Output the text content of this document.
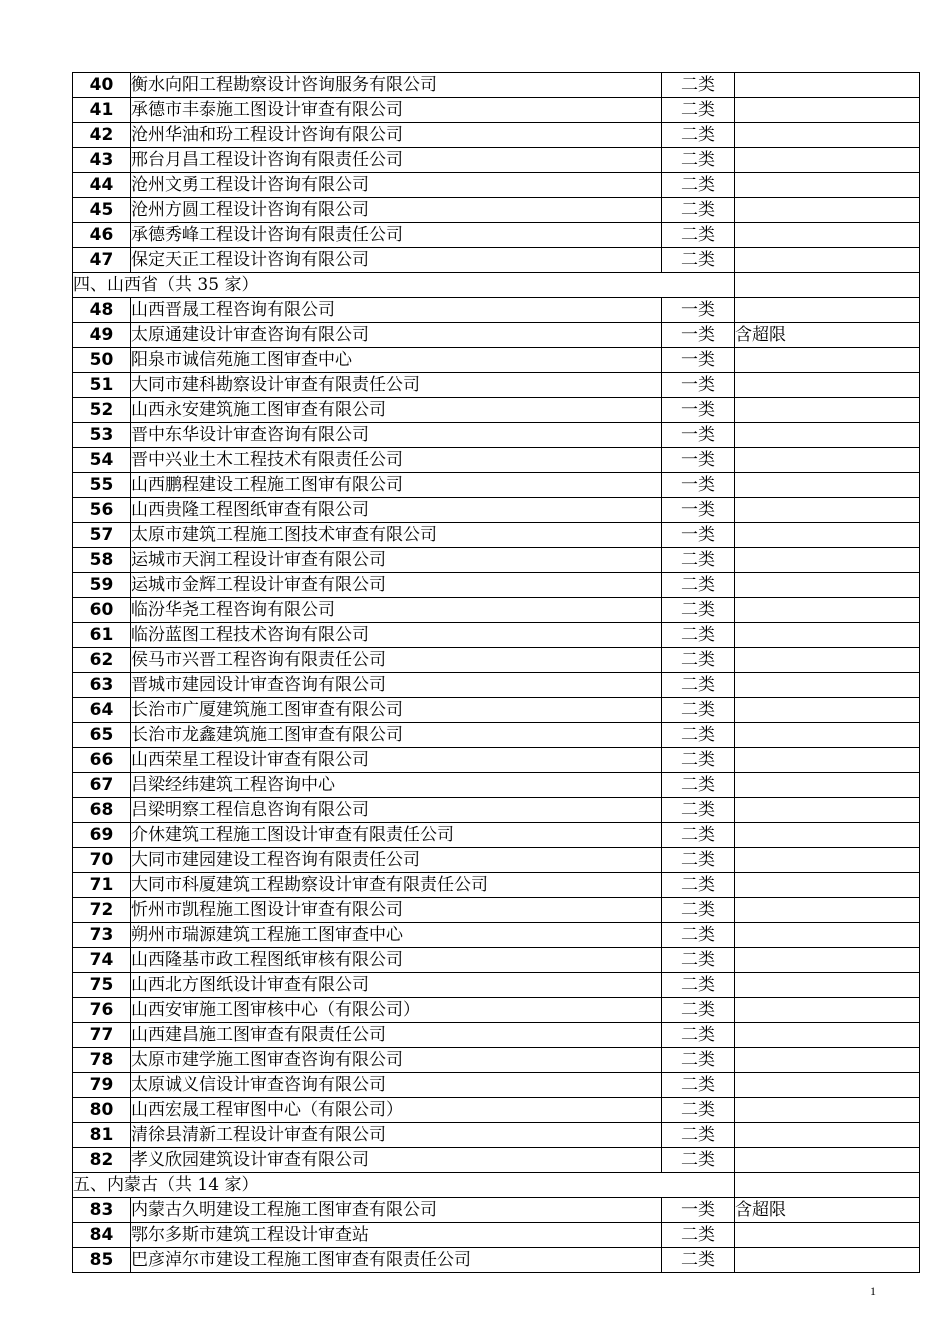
40	衡水向阳工程勘察设计咨询服务有限公司	二类	
41	承德市丰泰施工图设计审查有限公司	二类	
42	沧州华油和玢工程设计咨询有限公司	二类	
43	邢台月昌工程设计咨询有限责任公司	二类	
44	沧州文勇工程设计咨询有限公司	二类	
45	沧州方圆工程设计咨询有限公司	二类	
46	承德秀峰工程设计咨询有限责任公司	二类	
47	保定天正工程设计咨询有限公司	二类	
四、山西省（共 35 家）			
48	山西晋晟工程咨询有限公司	一类	
49	太原通建设计审查咨询有限公司	一类	含超限
50	阳泉市诚信苑施工图审查中心	一类	
51	大同市建科勘察设计审查有限责任公司	一类	
52	山西永安建筑施工图审查有限公司	一类	
53	晋中东华设计审查咨询有限公司	一类	
54	晋中兴业土木工程技术有限责任公司	一类	
55	山西鹏程建设工程施工图审有限公司	一类	
56	山西贵隆工程图纸审查有限公司	一类	
57	太原市建筑工程施工图技术审查有限公司	一类	
58	运城市天润工程设计审查有限公司	二类	
59	运城市金辉工程设计审查有限公司	二类	
60	临汾华尧工程咨询有限公司	二类	
61	临汾蓝图工程技术咨询有限公司	二类	
62	侯马市兴晋工程咨询有限责任公司	二类	
63	晋城市建园设计审查咨询有限公司	二类	
64	长治市广厦建筑施工图审查有限公司	二类	
65	长治市龙鑫建筑施工图审查有限公司	二类	
66	山西荣星工程设计审查有限公司	二类	
67	吕梁经纬建筑工程咨询中心	二类	
68	吕梁明察工程信息咨询有限公司	二类	
69	介休建筑工程施工图设计审查有限责任公司	二类	
70	大同市建园建设工程咨询有限责任公司	二类	
71	大同市科厦建筑工程勘察设计审查有限责任公司	二类	
72	忻州市凯程施工图设计审查有限公司	二类	
73	朔州市瑞源建筑工程施工图审查中心	二类	
74	山西隆基市政工程图纸审核有限公司	二类	
75	山西北方图纸设计审查有限公司	二类	
76	山西安审施工图审核中心（有限公司）	二类	
77	山西建昌施工图审查有限责任公司	二类	
78	太原市建学施工图审查咨询有限公司	二类	
79	太原诚义信设计审查咨询有限公司	二类	
80	山西宏晟工程审图中心（有限公司）	二类	
81	清徐县清新工程设计审查有限公司	二类	
82	孝义欣园建筑设计审查有限公司	二类	
五、内蒙古（共 14 家）			
83	内蒙古久明建设工程施工图审查有限公司	一类	含超限
84	鄂尔多斯市建筑工程设计审查站	二类	
85	巴彦淖尔市建设工程施工图审查有限责任公司	二类	
1
